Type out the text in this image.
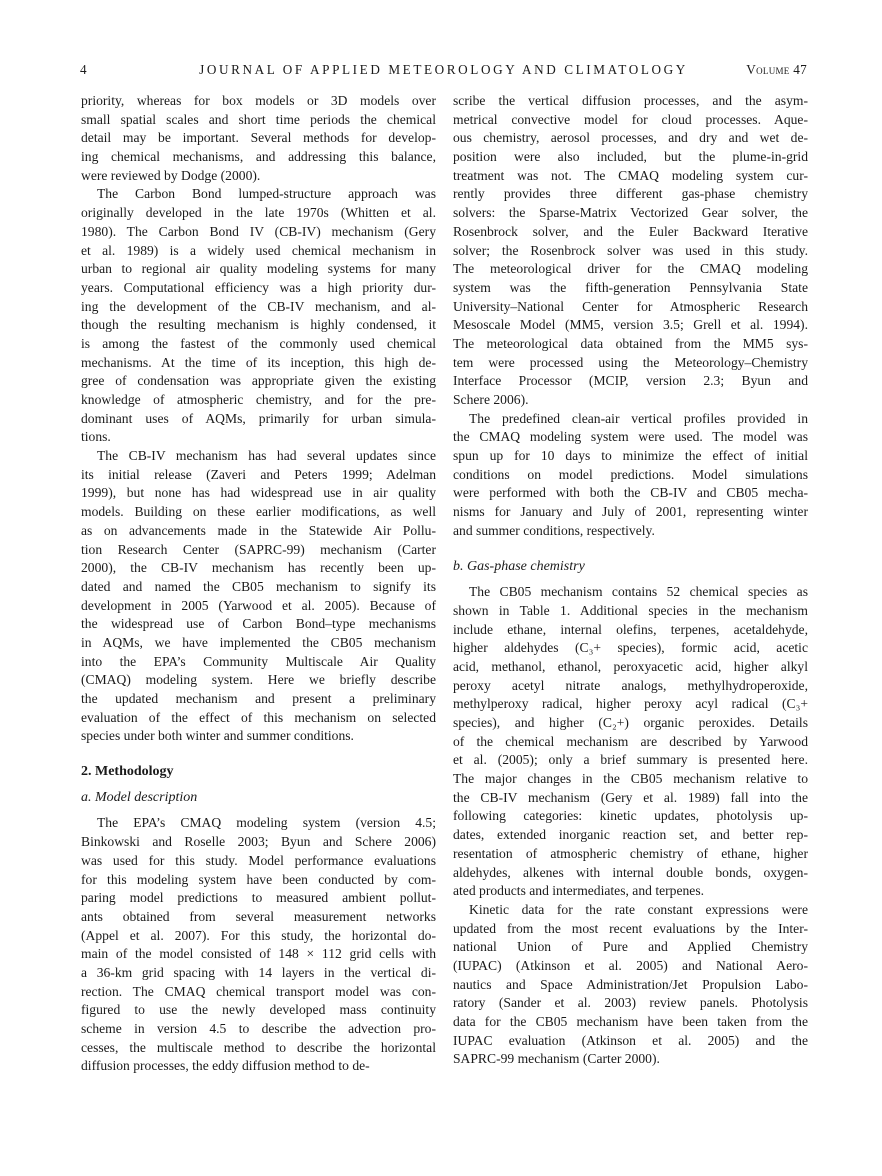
4	JOURNAL OF APPLIED METEOROLOGY AND CLIMATOLOGY	Volume 47
priority, whereas for box models or 3D models over
small spatial scales and short time periods the chemical
detail may be important. Several methods for develop-
ing chemical mechanisms, and addressing this balance,
were reviewed by Dodge (2000).
The Carbon Bond lumped-structure approach was
originally developed in the late 1970s (Whitten et al.
1980). The Carbon Bond IV (CB-IV) mechanism (Gery
et al. 1989) is a widely used chemical mechanism in
urban to regional air quality modeling systems for many
years. Computational efficiency was a high priority dur-
ing the development of the CB-IV mechanism, and al-
though the resulting mechanism is highly condensed, it
is among the fastest of the commonly used chemical
mechanisms. At the time of its inception, this high de-
gree of condensation was appropriate given the existing
knowledge of atmospheric chemistry, and for the pre-
dominant uses of AQMs, primarily for urban simula-
tions.
The CB-IV mechanism has had several updates since
its initial release (Zaveri and Peters 1999; Adelman
1999), but none has had widespread use in air quality
models. Building on these earlier modifications, as well
as on advancements made in the Statewide Air Pollu-
tion Research Center (SAPRC-99) mechanism (Carter
2000), the CB-IV mechanism has recently been up-
dated and named the CB05 mechanism to signify its
development in 2005 (Yarwood et al. 2005). Because of
the widespread use of Carbon Bond–type mechanisms
in AQMs, we have implemented the CB05 mechanism
into the EPA’s Community Multiscale Air Quality
(CMAQ) modeling system. Here we briefly describe
the updated mechanism and present a preliminary
evaluation of the effect of this mechanism on selected
species under both winter and summer conditions.
2. Methodology
a. Model description
The EPA’s CMAQ modeling system (version 4.5;
Binkowski and Roselle 2003; Byun and Schere 2006)
was used for this study. Model performance evaluations
for this modeling system have been conducted by com-
paring model predictions to measured ambient pollut-
ants obtained from several measurement networks
(Appel et al. 2007). For this study, the horizontal do-
main of the model consisted of 148 × 112 grid cells with
a 36-km grid spacing with 14 layers in the vertical di-
rection. The CMAQ chemical transport model was con-
figured to use the newly developed mass continuity
scheme in version 4.5 to describe the advection pro-
cesses, the multiscale method to describe the horizontal
diffusion processes, the eddy diffusion method to de-
scribe the vertical diffusion processes, and the asym-
metrical convective model for cloud processes. Aque-
ous chemistry, aerosol processes, and dry and wet de-
position were also included, but the plume-in-grid
treatment was not. The CMAQ modeling system cur-
rently provides three different gas-phase chemistry
solvers: the Sparse-Matrix Vectorized Gear solver, the
Rosenbrock solver, and the Euler Backward Iterative
solver; the Rosenbrock solver was used in this study.
The meteorological driver for the CMAQ modeling
system was the fifth-generation Pennsylvania State
University–National Center for Atmospheric Research
Mesoscale Model (MM5, version 3.5; Grell et al. 1994).
The meteorological data obtained from the MM5 sys-
tem were processed using the Meteorology–Chemistry
Interface Processor (MCIP, version 2.3; Byun and
Schere 2006).
The predefined clean-air vertical profiles provided in
the CMAQ modeling system were used. The model was
spun up for 10 days to minimize the effect of initial
conditions on model predictions. Model simulations
were performed with both the CB-IV and CB05 mecha-
nisms for January and July of 2001, representing winter
and summer conditions, respectively.
b. Gas-phase chemistry
The CB05 mechanism contains 52 chemical species as
shown in Table 1. Additional species in the mechanism
include ethane, internal olefins, terpenes, acetaldehyde,
higher aldehydes (C₃+ species), formic acid, acetic
acid, methanol, ethanol, peroxyacetic acid, higher alkyl
peroxy acetyl nitrate analogs, methylhydroperoxide,
methylperoxy radical, higher peroxy acyl radical (C₃+
species), and higher (C₂+) organic peroxides. Details
of the chemical mechanism are described by Yarwood
et al. (2005); only a brief summary is presented here.
The major changes in the CB05 mechanism relative to
the CB-IV mechanism (Gery et al. 1989) fall into the
following categories: kinetic updates, photolysis up-
dates, extended inorganic reaction set, and better rep-
resentation of atmospheric chemistry of ethane, higher
aldehydes, alkenes with internal double bonds, oxygen-
ated products and intermediates, and terpenes.
Kinetic data for the rate constant expressions were
updated from the most recent evaluations by the Inter-
national Union of Pure and Applied Chemistry
(IUPAC) (Atkinson et al. 2005) and National Aero-
nautics and Space Administration/Jet Propulsion Labo-
ratory (Sander et al. 2003) review panels. Photolysis
data for the CB05 mechanism have been taken from the
IUPAC evaluation (Atkinson et al. 2005) and the
SAPRC-99 mechanism (Carter 2000).
